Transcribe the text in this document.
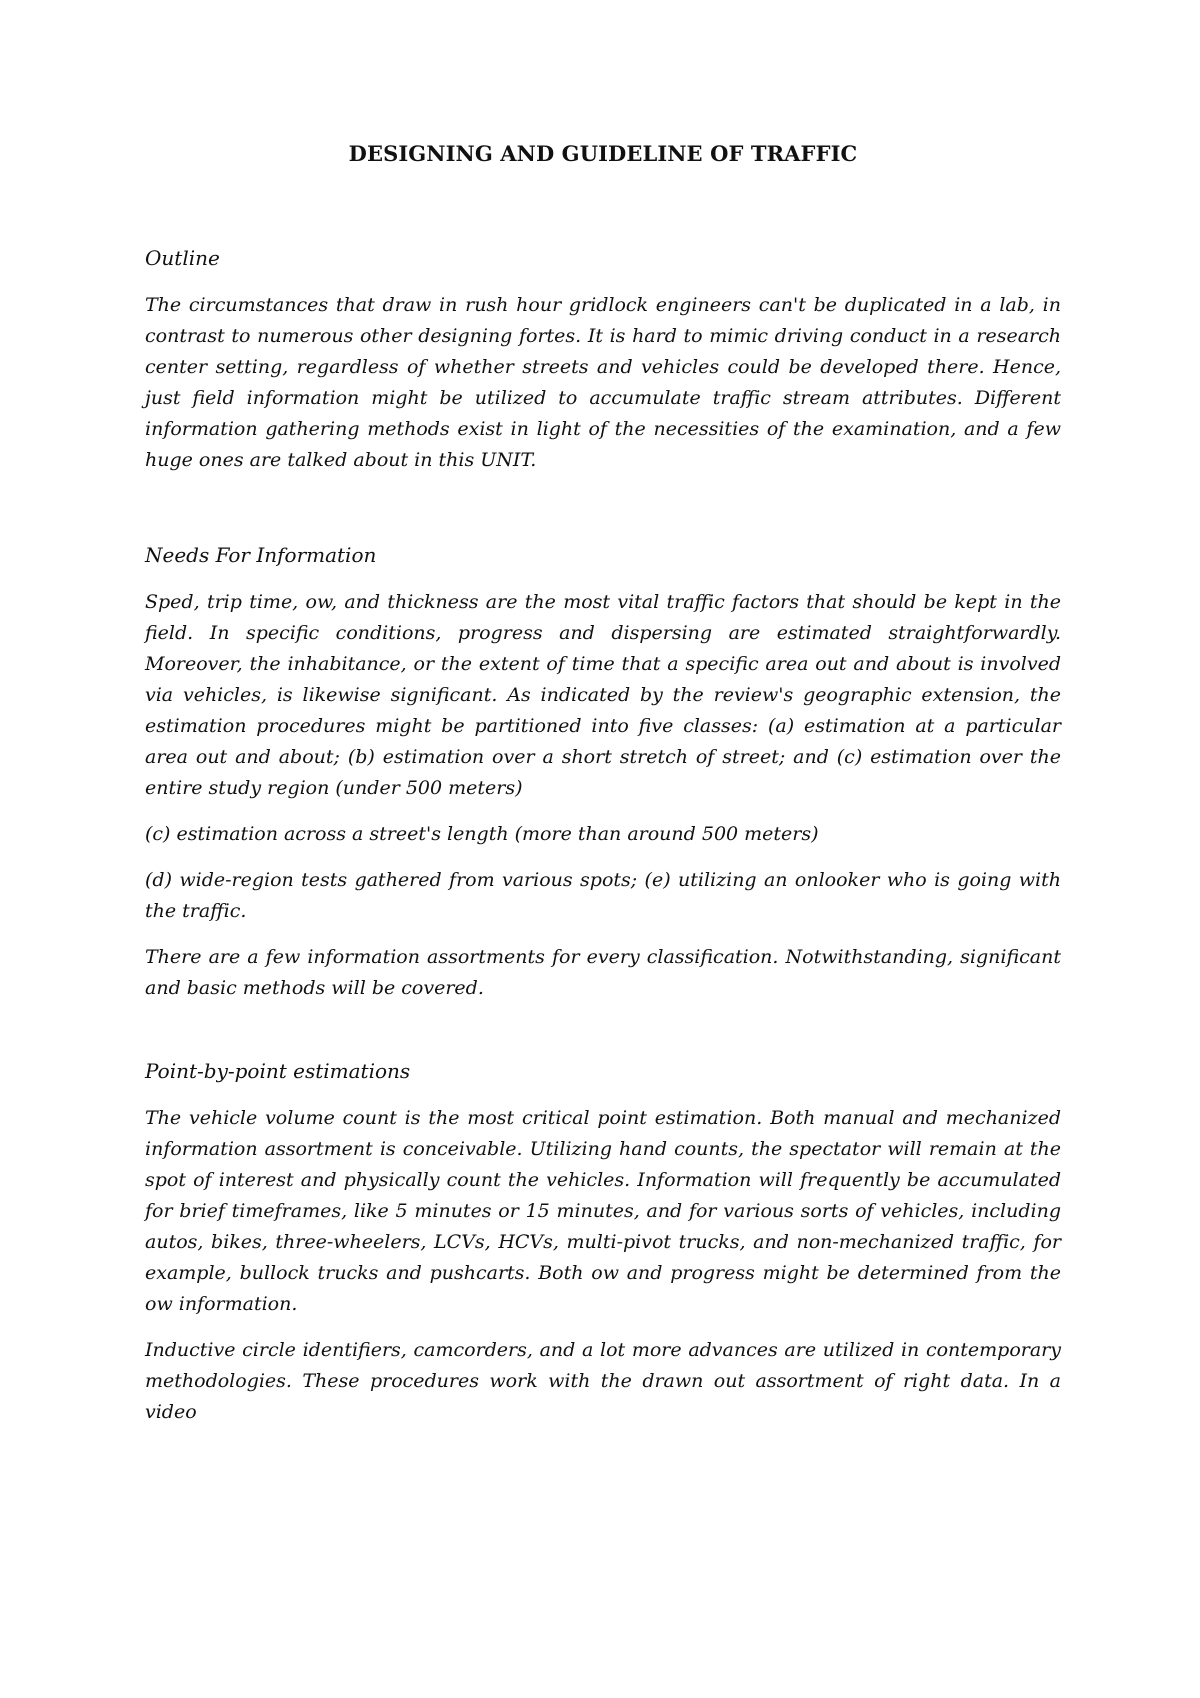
DESIGNING AND GUIDELINE OF TRAFFIC

Outline

The circumstances that draw in rush hour gridlock engineers can't be duplicated in a lab, in contrast to numerous other designing fortes. It is hard to mimic driving conduct in a research center setting, regardless of whether streets and vehicles could be developed there. Hence, just field information might be utilized to accumulate traffic stream attributes. Different information gathering methods exist in light of the necessities of the examination, and a few huge ones are talked about in this UNIT.

Needs For Information

Sped, trip time, ow, and thickness are the most vital traffic factors that should be kept in the field. In specific conditions, progress and dispersing are estimated straightforwardly. Moreover, the inhabitance, or the extent of time that a specific area out and about is involved via vehicles, is likewise significant. As indicated by the review's geographic extension, the estimation procedures might be partitioned into five classes: (a) estimation at a particular area out and about; (b) estimation over a short stretch of street; and (c) estimation over the entire study region (under 500 meters)

(c) estimation across a street's length (more than around 500 meters)

(d) wide-region tests gathered from various spots; (e) utilizing an onlooker who is going with the traffic.

There are a few information assortments for every classification. Notwithstanding, significant and basic methods will be covered.

Point-by-point estimations

The vehicle volume count is the most critical point estimation. Both manual and mechanized information assortment is conceivable. Utilizing hand counts, the spectator will remain at the spot of interest and physically count the vehicles. Information will frequently be accumulated for brief timeframes, like 5 minutes or 15 minutes, and for various sorts of vehicles, including autos, bikes, three-wheelers, LCVs, HCVs, multi-pivot trucks, and non-mechanized traffic, for example, bullock trucks and pushcarts. Both ow and progress might be determined from the ow information.

Inductive circle identifiers, camcorders, and a lot more advances are utilized in contemporary methodologies. These procedures work with the drawn out assortment of right data. In a video
